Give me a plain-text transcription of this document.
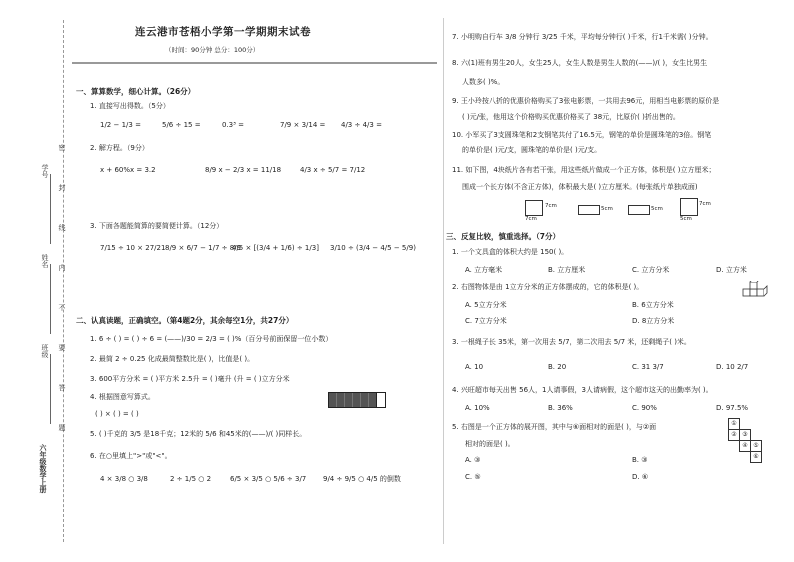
学号
姓名
班级
六年级数学上册
密
封
线
内
不
要
答
题
连云港市苍梧小学第一学期期末试卷
（时间：90分钟 总分：100分）
一、算算数学，细心计算。（26分）
1. 直接写出得数。（5分）
1/2 − 1/3 =	5/6 ÷ 15 =	0.3³ =	7/9 × 3/14 = 4/3 ÷ 4/3 =
2. 解方程。（9分）
x + 60%x = 3.2	8/9 x − 2/3 x = 11/18	4/3 x ÷ 5/7 = 7/12
3. 下面各题能简算的要简便计算。（12分）
7/15 ÷ 10 × 27/21 8/9 × 6/7 − 1/7 ÷ 8/9
4/5 × [(3/4 + 1/6) ÷ 1/3] 3/10 ÷ (3/4 − 4/5 − 5/9)
二、认真读题，正确填空。（第4题2分，其余每空1分，共27分）
1. 6 ÷ ( ) = ( ) ÷ 6 = (——)/30 = 2/3 = ( )%（百分号前面保留一位小数）
2. 最简 2 ÷ 0.25 化成最简整数比是( )，比值是( )。
3. 600平方分米 = ( )平方米 2.5升 = ( )毫升 (升 = ( )立方分米
4. 根据图意写算式。
( ) × ( ) = ( )
5. ( )千克的 3/5 是18千克；12米的 5/6 和45米的(——)/( )同样长。
6. 在○里填上">"或"<"。
4 × 3/8 ○ 3/8	2 ÷ 1/5 ○ 2	6/5 × 3/5 ○ 5/6 ÷ 3/7 9/4 ÷ 9/5 ○ 4/5 的倒数
7. 小明购自行车 3/8 分钟行 3/25 千米，平均每分钟行( )千米，行1千米需( )分钟。
8. 六(1)班有男生20人，女生25人，女生人数是男生人数的(——)/( )，女生比男生
人数多( )%。
9. 王小玲按八折的优惠价格购买了3张电影票，一共用去96元，用相当电影票的原价是
( )元/张，他用这个价格购买优惠价格买了 38元，比原价( )折出售的。
10. 小军买了3支圆珠笔和2支钢笔共付了16.5元，钢笔的单价是圆珠笔的3倍。钢笔
的单价是( )元/支，圆珠笔的单价是( )元/支。
11. 如下图，4块纸片各有若干张，用这些纸片做成一个正方体，体积是( )立方厘米；
围成一个长方体(不含正方体)，体积最大是( )立方厘米。(每张纸片单独成面)
7cm
7cm
5cm	5cm
7cm
5cm
三、反复比较，慎重选择。（7分）
1. 一个文具盒的体积大约是 150( )。
A. 立方毫米	B. 立方厘米	C. 立方分米	D. 立方米
2. 右图物体是由 1立方分米的正方体摆成的，它的体积是( )。
A. 5立方分米	B. 6立方分米
C. 7立方分米	D. 8立方分米
3. 一根绳子长 35米，第一次用去 5/7，第二次用去 5/7 米，还剩绳子( )米。
A. 10	B. 20	C. 31 3/7	D. 10 2/7
4. 兴旺超市每天出售 56人，1人请事假，3人请病假，这个超市这天的出勤率为( )。
A. 10%	B. 36%	C. 90%	D. 97.5%
5. 右图是一个正方体的展开图，其中与⑥面相对的面是( )，与②面
相对的面是( )。
①
② ③
④ ⑤
⑥
A. ③	B. ③
C. ⑤	D. ⑥
